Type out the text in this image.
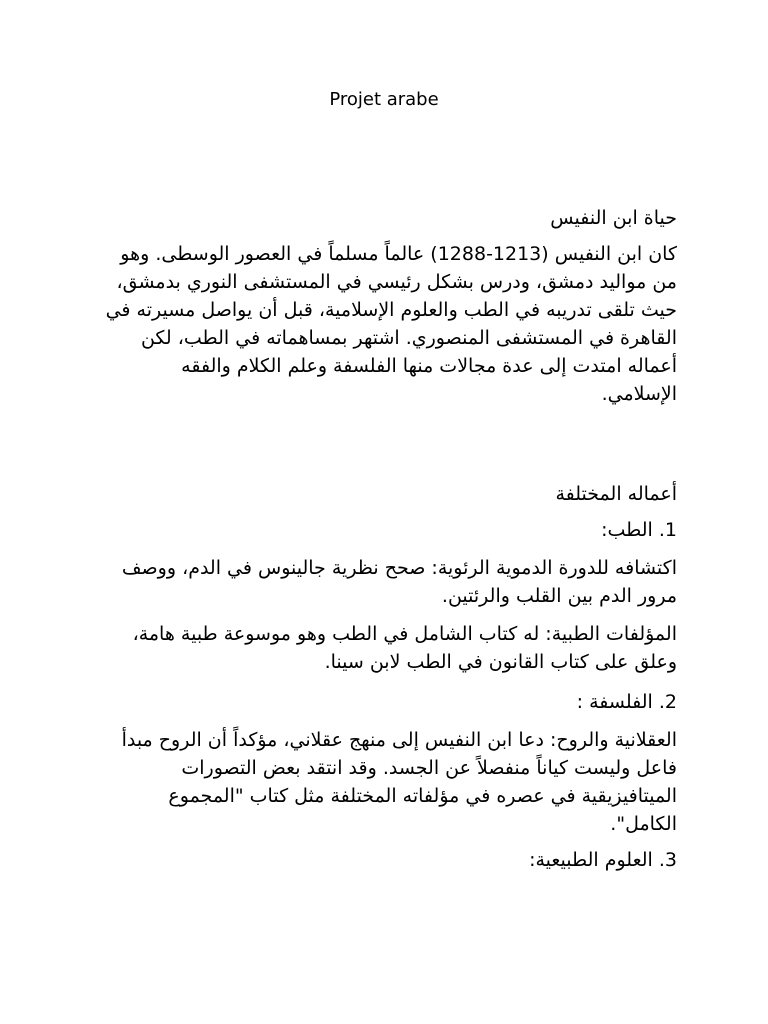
Projet arabe

حياة ابن النفيس

كان ابن النفيس (1213-1288) عالماً مسلماً في العصور الوسطى. وهو من مواليد دمشق، ودرس بشكل رئيسي في المستشفى النوري بدمشق، حيث تلقى تدريبه في الطب والعلوم الإسلامية، قبل أن يواصل مسيرته في القاهرة في المستشفى المنصوري. اشتهر بمساهماته في الطب، لكن أعماله امتدت إلى عدة مجالات منها الفلسفة وعلم الكلام والفقه الإسلامي.

أعماله المختلفة

1. الطب:

اكتشافه للدورة الدموية الرئوية: صحح نظرية جالينوس في الدم، ووصف مرور الدم بين القلب والرئتين.

المؤلفات الطبية: له كتاب الشامل في الطب وهو موسوعة طبية هامة، وعلق على كتاب القانون في الطب لابن سينا.

2. الفلسفة :

العقلانية والروح: دعا ابن النفيس إلى منهج عقلاني، مؤكداً أن الروح مبدأ فاعل وليست كياناً منفصلاً عن الجسد. وقد انتقد بعض التصورات الميتافيزيقية في عصره في مؤلفاته المختلفة مثل كتاب "المجموع الكامل".

3. العلوم الطبيعية:
